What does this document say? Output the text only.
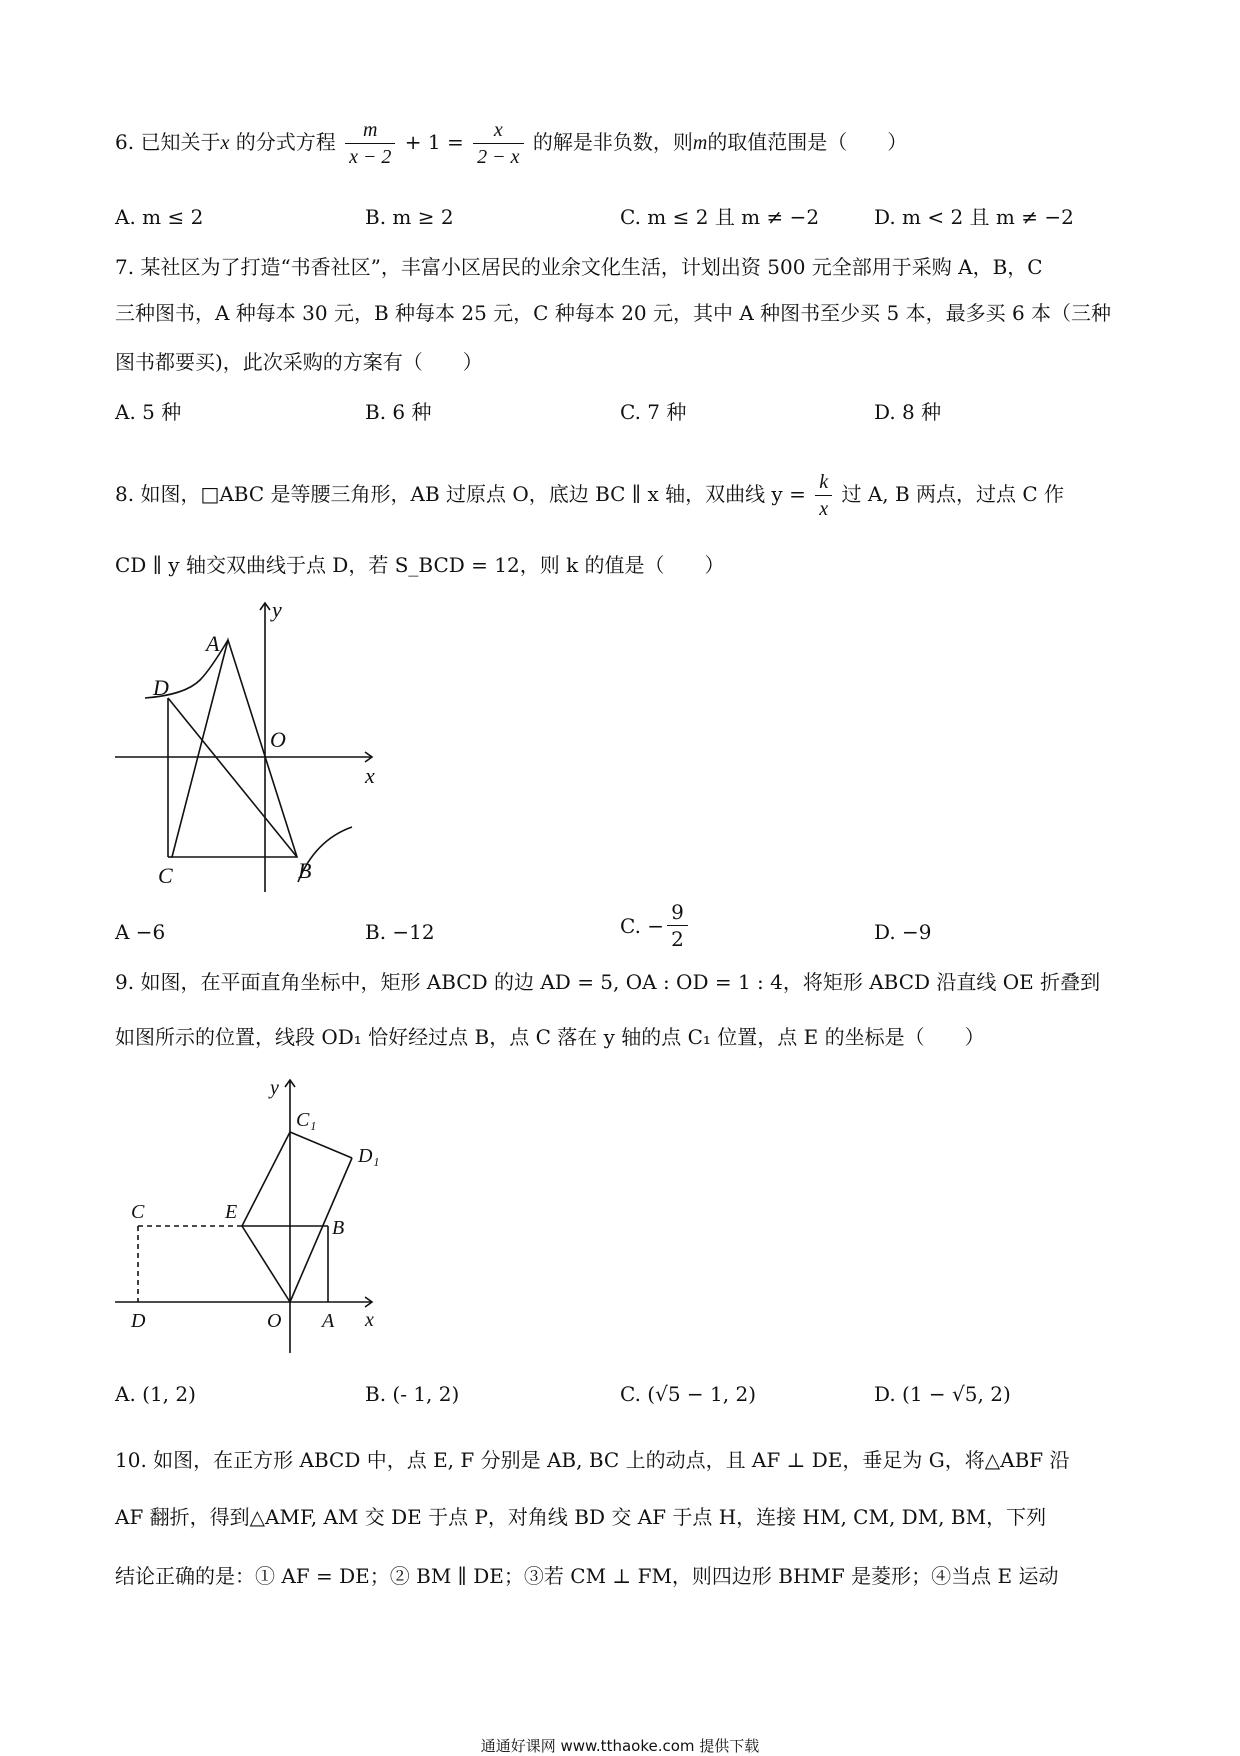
6. 已知关于x 的分式方程 $\frac{m}{x - 2} + 1 = \frac{x}{2 - x}$ 的解是非负数，则m的取值范围是（　　）
A. m ≤ 2	B. m ≥ 2	C. m ≤ 2 且 m ≠ −2	D. m < 2 且 m ≠ −2
7. 某社区为了打造“书香社区”，丰富小区居民的业余文化生活，计划出资 500 元全部用于采购 A，B，C
三种图书，A 种每本 30 元，B 种每本 25 元，C 种每本 20 元，其中 A 种图书至少买 5 本，最多买 6 本（三种
图书都要买)，此次采购的方案有（　　）
A. 5 种	B. 6 种	C. 7 种	D. 8 种
8. 如图，□ABC 是等腰三角形，AB 过原点 O，底边 BC ∥ x 轴，双曲线 $y = \frac{k}{x}$ 过 A, B 两点，过点 C 作
CD ∥ y 轴交双曲线于点 D，若 S_BCD = 12，则 k 的值是（　　）
y
x
A
D
O
C	B
A −6	B. −12	C. − $\frac{9}{2}$	D. −9
9. 如图，在平面直角坐标中，矩形 ABCD 的边 AD = 5, OA : OD = 1 : 4，将矩形 ABCD 沿直线 OE 折叠到
如图所示的位置，线段 OD₁ 恰好经过点 B，点 C 落在 y 轴的点 C₁ 位置，点 E 的坐标是（　　）
y
x
C₁
D₁
C	E
B
D	O A
A. (1, 2)	B. (- 1, 2)	C. (√5 − 1, 2)	D. (1 − √5, 2)
10. 如图，在正方形 ABCD 中，点 E, F 分别是 AB, BC 上的动点，且 AF ⊥ DE，垂足为 G，将△ABF 沿
AF 翻折，得到△AMF, AM 交 DE 于点 P，对角线 BD 交 AF 于点 H，连接 HM, CM, DM, BM，下列
结论正确的是：① AF = DE；② BM ∥ DE；③若 CM ⊥ FM，则四边形 BHMF 是菱形；④当点 E 运动
通通好课网 www.tthaoke.com 提供下载
